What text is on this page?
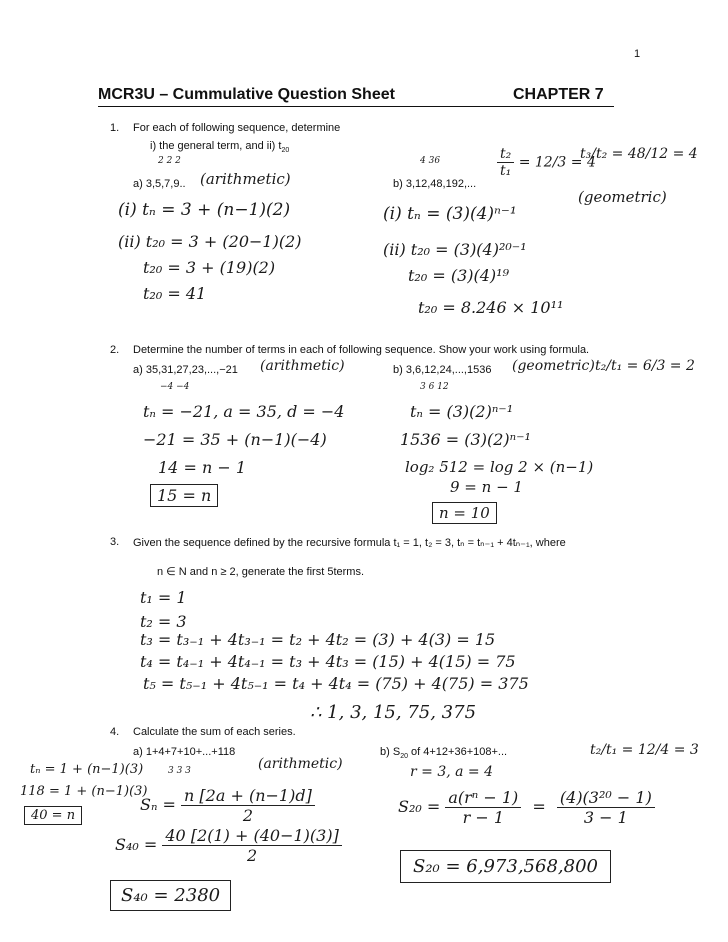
1
MCR3U – Cummulative Question Sheet	CHAPTER 7
1. For each of following sequence, determine
i) the general term, and ii) $t_{20}$
2 2 2
a) 3,5,7,9.. (arithmetic)
(i) tₙ = 3 + (n−1)(2)
(ii) t₂₀ = 3 + (20−1)(2)
t₂₀ = 3 + (19)(2)
t₂₀ = 41
4 36
b) 3,12,48,192,...
$\frac{\text{t₂}}{\text{t₁}} = 12/3 = 4$
t₃/t₂ = 48/12 = 4
(geometric)
(i) tₙ = (3)(4)ⁿ⁻¹
(ii) t₂₀ = (3)(4)²⁰⁻¹
t₂₀ = (3)(4)¹⁹
t₂₀ = 8.246 × 10¹¹
2. Determine the number of terms in each of following sequence. Show your work using formula.
a) 35,31,27,23,...,−21 (arithmetic)
−4 −4
tₙ = −21, a = 35, d = −4
−21 = 35 + (n−1)(−4)
14 = n − 1
15 = n
b) 3,6,12,24,...,1536 (geometric) t₂/t₁ = 6/3 = 2
3 6 12
tₙ = (3)(2)ⁿ⁻¹
1536 = (3)(2)ⁿ⁻¹
log₂ 512 = log 2 × (n−1)
9 = n − 1
n = 10
3. Given the sequence defined by the recursive formula t₁ = 1, t₂ = 3, tₙ = tₙ₋₁ + 4tₙ₋₁, where
n ∈ N and n ≥ 2, generate the first 5terms.
t₁ = 1
t₂ = 3
t₃ = t₃₋₁ + 4t₃₋₁ = t₂ + 4t₂ = (3) + 4(3) = 15
t₄ = t₄₋₁ + 4t₄₋₁ = t₃ + 4t₃ = (15) + 4(15) = 75
t₅ = t₅₋₁ + 4t₅₋₁ = t₄ + 4t₄ = (75) + 4(75) = 375
∴ 1, 3, 15, 75, 375
4. Calculate the sum of each series.
a) 1+4+7+10+...+118
3 3 3	(arithmetic)
tₙ = 1 + (n−1)(3)
118 = 1 + (n−1)(3)
40 = n
$S_n = \frac{n [2a + (n-1)d]}{2}$
$S_{40} = \frac{40 [2(1) + (40-1)(3)]}{2}$
S₄₀ = 2380
b) $S_{20}$ of 4+12+36+108+...	t₂/t₁ = 12/4 = 3
r = 3, a = 4
$S_{20} = \frac{\text{a(rⁿ − 1)}}{r - 1} = \frac{\text{(4)(3²⁰ − 1)}}{3 - 1}$
S₂₀ = 6,973,568,800
